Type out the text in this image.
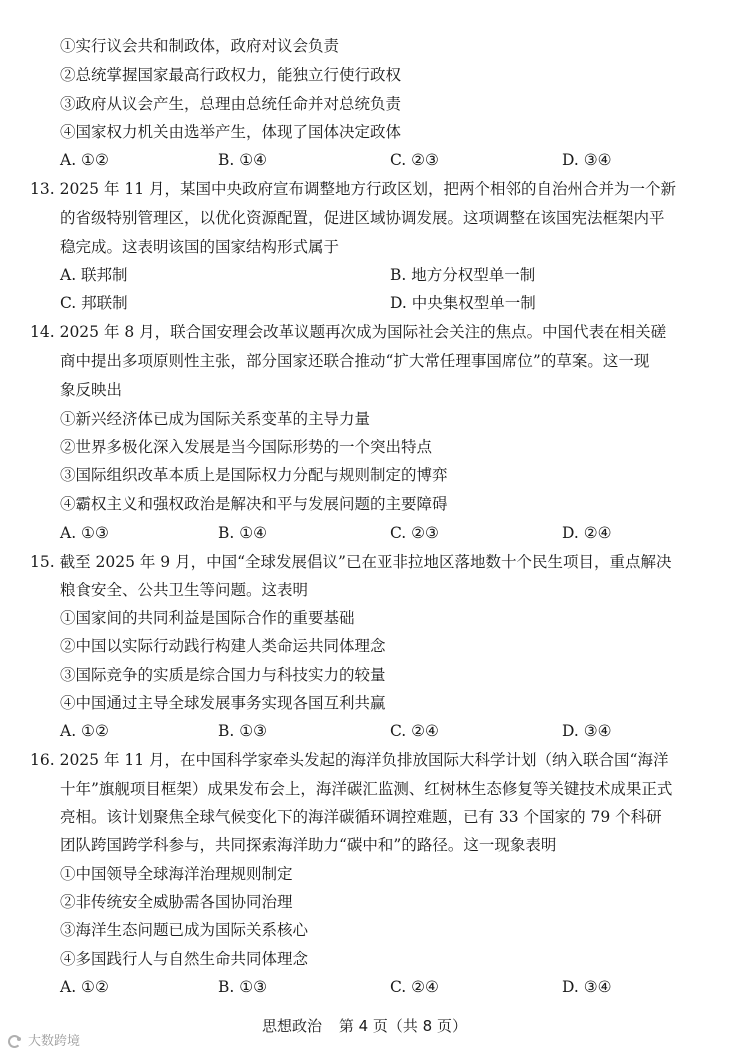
①实行议会共和制政体，政府对议会负责
②总统掌握国家最高行政权力，能独立行使行政权
③政府从议会产生，总理由总统任命并对总统负责
④国家权力机关由选举产生，体现了国体决定政体
A. ①②	B. ①④	C. ②③	D. ③④
13. 2025 年 11 月，某国中央政府宣布调整地方行政区划，把两个相邻的自治州合并为一个新
的省级特别管理区，以优化资源配置，促进区域协调发展。这项调整在该国宪法框架内平
稳完成。这表明该国的国家结构形式属于
A. 联邦制	B. 地方分权型单一制
C. 邦联制	D. 中央集权型单一制
14. 2025 年 8 月，联合国安理会改革议题再次成为国际社会关注的焦点。中国代表在相关磋
商中提出多项原则性主张，部分国家还联合推动“扩大常任理事国席位”的草案。这一现
象反映出
①新兴经济体已成为国际关系变革的主导力量
②世界多极化深入发展是当今国际形势的一个突出特点
③国际组织改革本质上是国际权力分配与规则制定的博弈
④霸权主义和强权政治是解决和平与发展问题的主要障碍
A. ①③	B. ①④	C. ②③	D. ②④
15. 截至 2025 年 9 月，中国“全球发展倡议”已在亚非拉地区落地数十个民生项目，重点解决
粮食安全、公共卫生等问题。这表明
①国家间的共同利益是国际合作的重要基础
②中国以实际行动践行构建人类命运共同体理念
③国际竞争的实质是综合国力与科技实力的较量
④中国通过主导全球发展事务实现各国互利共赢
A. ①②	B. ①③	C. ②④	D. ③④
16. 2025 年 11 月，在中国科学家牵头发起的海洋负排放国际大科学计划（纳入联合国“海洋
十年”旗舰项目框架）成果发布会上，海洋碳汇监测、红树林生态修复等关键技术成果正式
亮相。该计划聚焦全球气候变化下的海洋碳循环调控难题，已有 33 个国家的 79 个科研
团队跨国跨学科参与，共同探索海洋助力“碳中和”的路径。这一现象表明
①中国领导全球海洋治理规则制定
②非传统安全威胁需各国协同治理
③海洋生态问题已成为国际关系核心
④多国践行人与自然生命共同体理念
A. ①②	B. ①③	C. ②④	D. ③④
思想政治 第 4 页（共 8 页）
大数跨境
